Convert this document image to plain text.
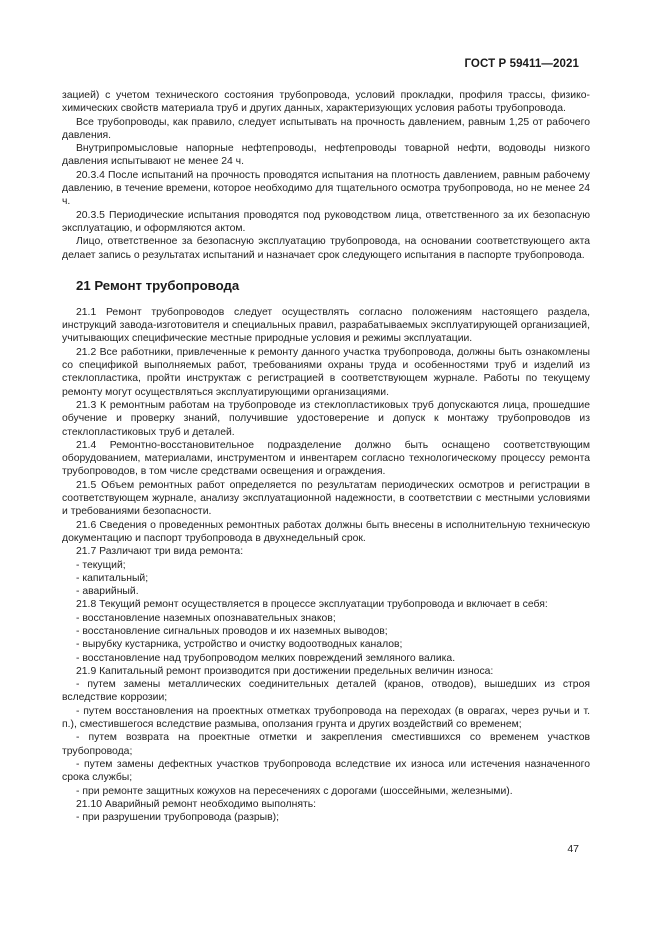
ГОСТ Р 59411—2021

зацией) с учетом технического состояния трубопровода, условий прокладки, профиля трассы, физико-химических свойств материала труб и других данных, характеризующих условия работы трубопровода.

Все трубопроводы, как правило, следует испытывать на прочность давлением, равным 1,25 от рабочего давления.

Внутрипромысловые напорные нефтепроводы, нефтепроводы товарной нефти, водоводы низкого давления испытывают не менее 24 ч.

20.3.4 После испытаний на прочность проводятся испытания на плотность давлением, равным рабочему давлению, в течение времени, которое необходимо для тщательного осмотра трубопровода, но не менее 24 ч.

20.3.5 Периодические испытания проводятся под руководством лица, ответственного за их безопасную эксплуатацию, и оформляются актом.

Лицо, ответственное за безопасную эксплуатацию трубопровода, на основании соответствующего акта делает запись о результатах испытаний и назначает срок следующего испытания в паспорте трубопровода.

21 Ремонт трубопровода

21.1 Ремонт трубопроводов следует осуществлять согласно положениям настоящего раздела, инструкций завода-изготовителя и специальных правил, разрабатываемых эксплуатирующей организацией, учитывающих специфические местные природные условия и режимы эксплуатации.

21.2 Все работники, привлеченные к ремонту данного участка трубопровода, должны быть ознакомлены со спецификой выполняемых работ, требованиями охраны труда и особенностями труб и изделий из стеклопластика, пройти инструктаж с регистрацией в соответствующем журнале. Работы по текущему ремонту могут осуществляться эксплуатирующими организациями.

21.3 К ремонтным работам на трубопроводе из стеклопластиковых труб допускаются лица, прошедшие обучение и проверку знаний, получившие удостоверение и допуск к монтажу трубопроводов из стеклопластиковых труб и деталей.

21.4 Ремонтно-восстановительное подразделение должно быть оснащено соответствующим оборудованием, материалами, инструментом и инвентарем согласно технологическому процессу ремонта трубопроводов, в том числе средствами освещения и ограждения.

21.5 Объем ремонтных работ определяется по результатам периодических осмотров и регистрации в соответствующем журнале, анализу эксплуатационной надежности, в соответствии с местными условиями и требованиями безопасности.

21.6 Сведения о проведенных ремонтных работах должны быть внесены в исполнительную техническую документацию и паспорт трубопровода в двухнедельный срок.

21.7 Различают три вида ремонта:

- текущий;

- капитальный;

- аварийный.

21.8 Текущий ремонт осуществляется в процессе эксплуатации трубопровода и включает в себя:

- восстановление наземных опознавательных знаков;

- восстановление сигнальных проводов и их наземных выводов;

- вырубку кустарника, устройство и очистку водоотводных каналов;

- восстановление над трубопроводом мелких повреждений земляного валика.

21.9 Капитальный ремонт производится при достижении предельных величин износа:

- путем замены металлических соединительных деталей (кранов, отводов), вышедших из строя вследствие коррозии;

- путем восстановления на проектных отметках трубопровода на переходах (в оврагах, через ручьи и т. п.), сместившегося вследствие размыва, оползания грунта и других воздействий со временем;

- путем возврата на проектные отметки и закрепления сместившихся со временем участков трубопровода;

- путем замены дефектных участков трубопровода вследствие их износа или истечения назначенного срока службы;

- при ремонте защитных кожухов на пересечениях с дорогами (шоссейными, железными).

21.10 Аварийный ремонт необходимо выполнять:

- при разрушении трубопровода (разрыв);

47
